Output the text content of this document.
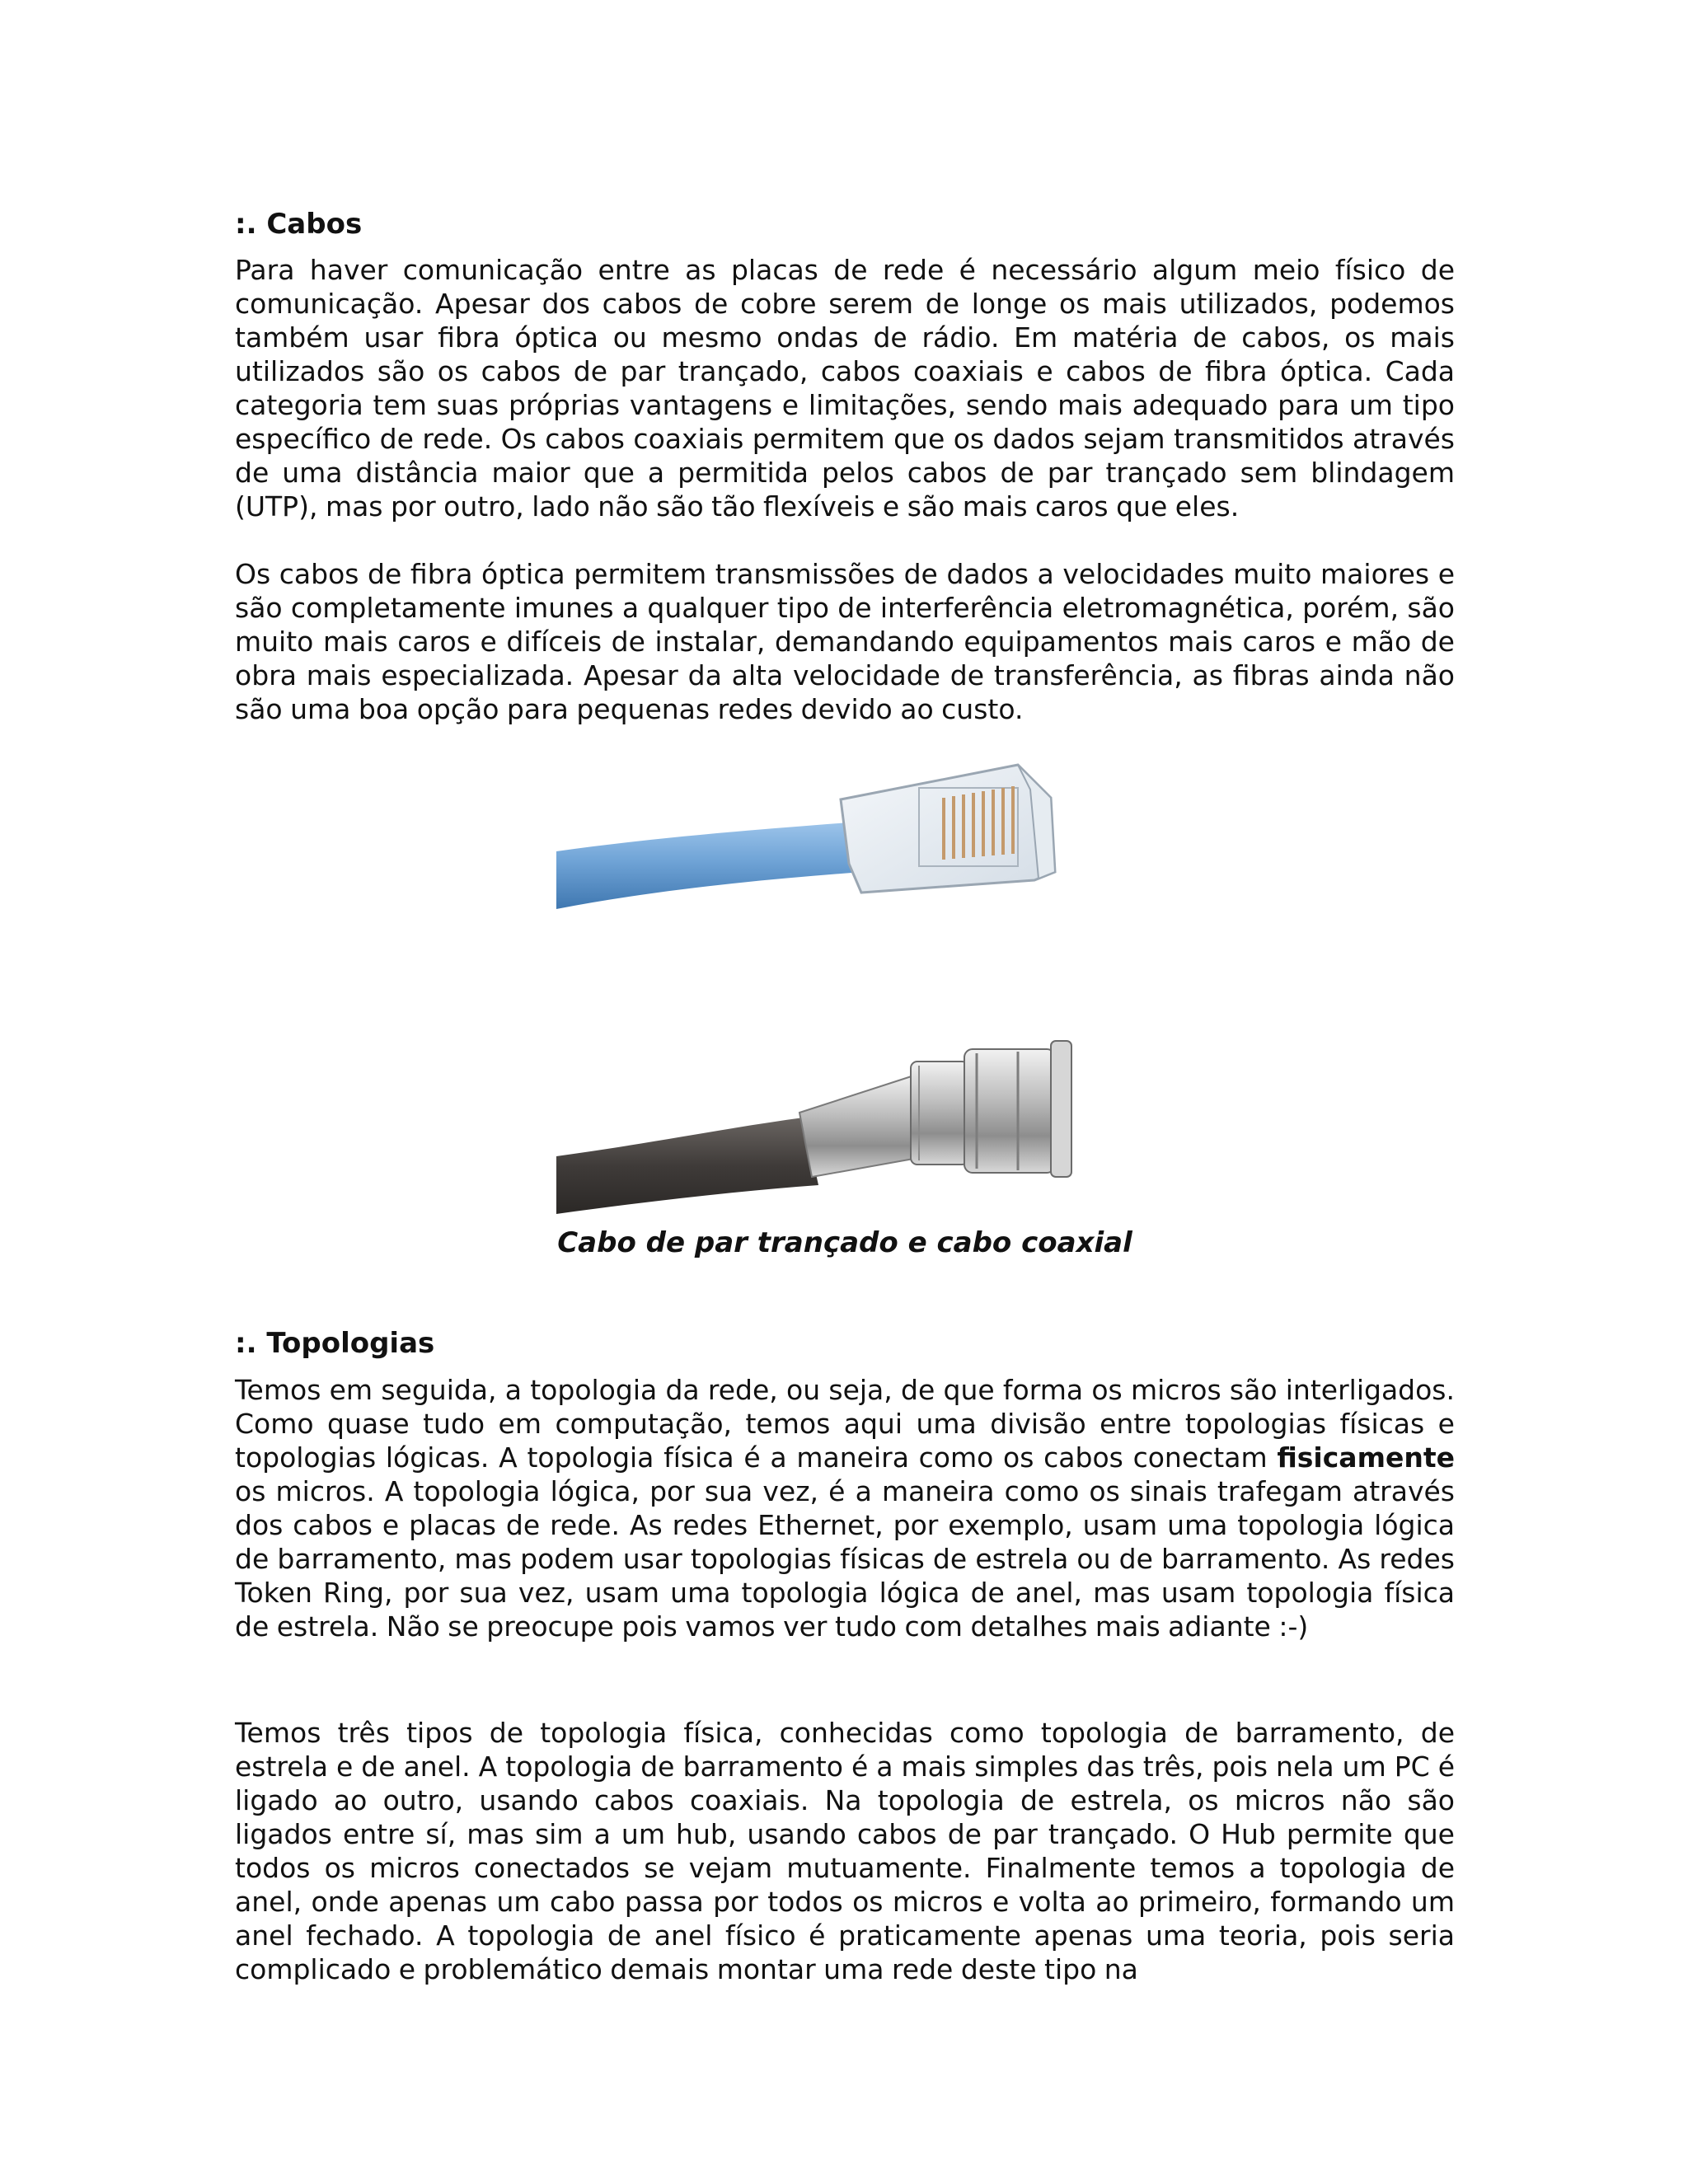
:. Cabos

Para haver comunicação entre as placas de rede é necessário algum meio físico de comunicação. Apesar dos cabos de cobre serem de longe os mais utilizados, podemos também usar fibra óptica ou mesmo ondas de rádio. Em matéria de cabos, os mais utilizados são os cabos de par trançado, cabos coaxiais e cabos de fibra óptica. Cada categoria tem suas próprias vantagens e limitações, sendo mais adequado para um tipo específico de rede. Os cabos coaxiais permitem que os dados sejam transmitidos através de uma distância maior que a permitida pelos cabos de par trançado sem blindagem (UTP), mas por outro, lado não são tão flexíveis e são mais caros que eles.

Os cabos de fibra óptica permitem transmissões de dados a velocidades muito maiores e são completamente imunes a qualquer tipo de interferência eletromagnética, porém, são muito mais caros e difíceis de instalar, demandando equipamentos mais caros e mão de obra mais especializada. Apesar da alta velocidade de transferência, as fibras ainda não são uma boa opção para pequenas redes devido ao custo.

Cabo de par trançado e cabo coaxial

:. Topologias

Temos em seguida, a topologia da rede, ou seja, de que forma os micros são interligados. Como quase tudo em computação, temos aqui uma divisão entre topologias físicas e topologias lógicas. A topologia física é a maneira como os cabos conectam fisicamente os micros. A topologia lógica, por sua vez, é a maneira como os sinais trafegam através dos cabos e placas de rede. As redes Ethernet, por exemplo, usam uma topologia lógica de barramento, mas podem usar topologias físicas de estrela ou de barramento. As redes Token Ring, por sua vez, usam uma topologia lógica de anel, mas usam topologia física de estrela. Não se preocupe pois vamos ver tudo com detalhes mais adiante :-)

Temos três tipos de topologia física, conhecidas como topologia de barramento, de estrela e de anel. A topologia de barramento é a mais simples das três, pois nela um PC é ligado ao outro, usando cabos coaxiais. Na topologia de estrela, os micros não são ligados entre sí, mas sim a um hub, usando cabos de par trançado. O Hub permite que todos os micros conectados se vejam mutuamente. Finalmente temos a topologia de anel, onde apenas um cabo passa por todos os micros e volta ao primeiro, formando um anel fechado. A topologia de anel físico é praticamente apenas uma teoria, pois seria complicado e problemático demais montar uma rede deste tipo na
